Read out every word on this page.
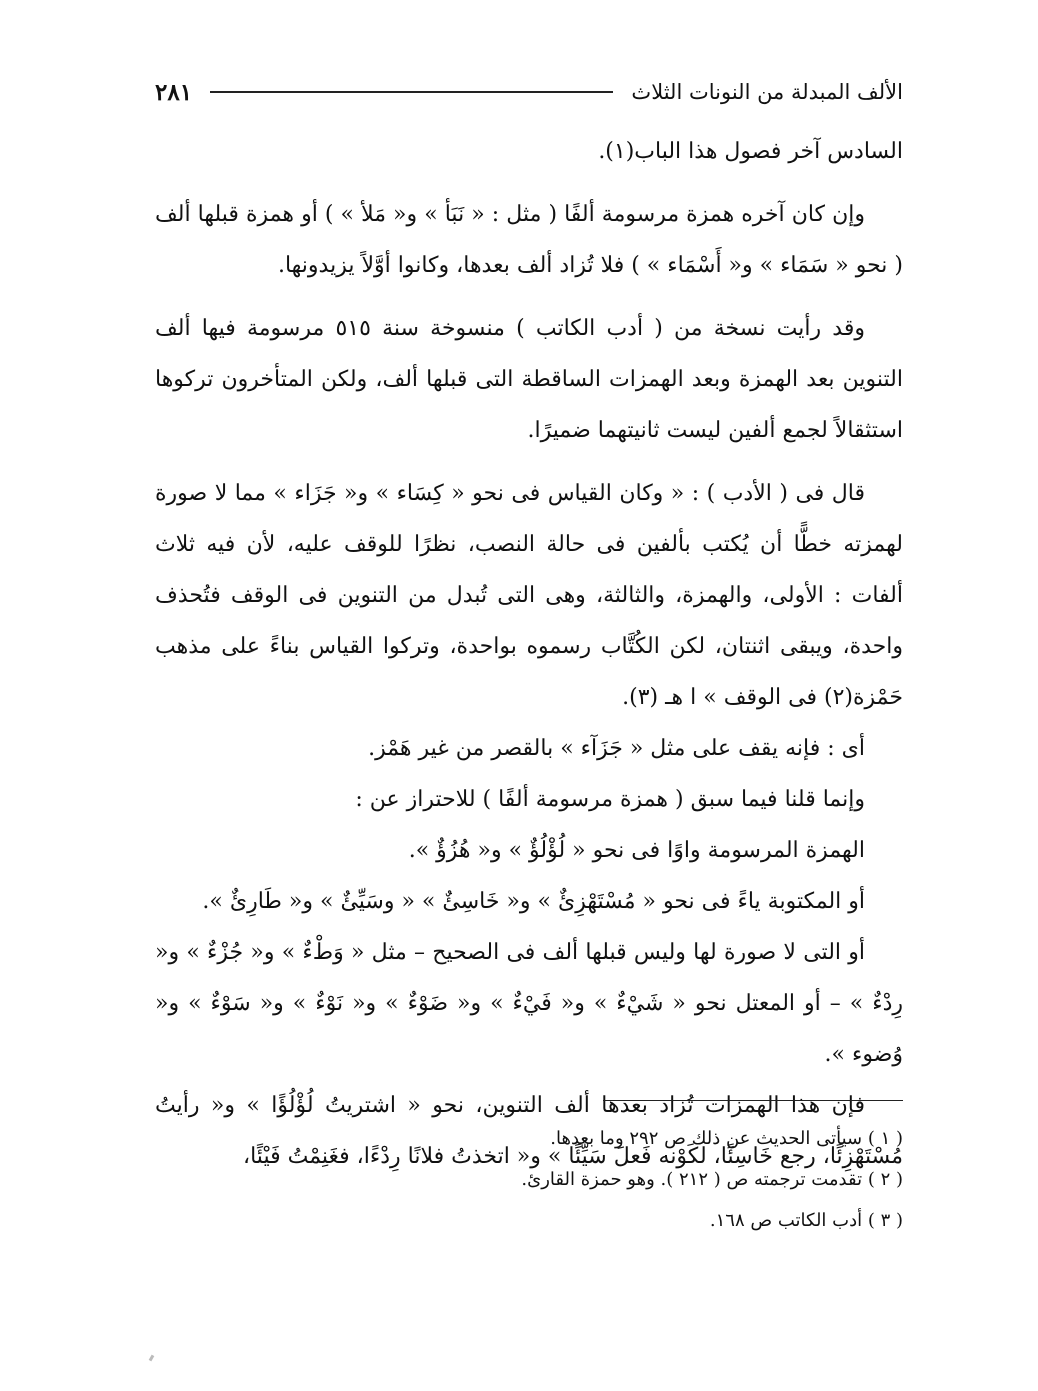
الألف المبدلة من النونات الثلاث
٢٨١

السادس آخر فصول هذا الباب(١).

وإن كان آخره همزة مرسومة ألفًا ( مثل : « نَبَأ » و« مَلأ » ) أو همزة قبلها ألف ( نحو « سَمَاء » و« أَسْمَاء » ) فلا تُزاد ألف بعدها، وكانوا أوَّلاً يزيدونها.

وقد رأيت نسخة من ( أدب الكاتب ) منسوخة سنة ٥١٥ مرسومة فيها ألف التنوين بعد الهمزة وبعد الهمزات الساقطة التى قبلها ألف، ولكن المتأخرون تركوها استثقالاً لجمع ألفين ليست ثانيتهما ضميرًا.

قال فى ( الأدب ) : « وكان القياس فى نحو « كِسَاء » و« جَزَاء » مما لا صورة لهمزته خطًّا أن يُكتب بألفين فى حالة النصب، نظرًا للوقف عليه، لأن فيه ثلاث ألفات : الأولى، والهمزة، والثالثة، وهى التى تُبدل من التنوين فى الوقف فتُحذف واحدة، ويبقى اثنتان، لكن الكُتَّاب رسموه بواحدة، وتركوا القياس بناءً على مذهب حَمْزة(٢) فى الوقف » ا هـ (٣).

أى : فإنه يقف على مثل « جَزَآء » بالقصر من غير هَمْز.

وإنما قلنا فيما سبق ( همزة مرسومة ألفًا ) للاحتراز عن :

الهمزة المرسومة واوًا فى نحو « لُؤْلُؤٌ » و« هُزُؤٌ ».

أو المكتوبة ياءً فى نحو « مُسْتَهْزِئٌ » و« خَاسِئٌ » « وسَيِّئٌ » و« طَارِئٌ ».

أو التى لا صورة لها وليس قبلها ألف فى الصحيح – مثل « وَطْءٌ » و« جُزْءٌ » و« رِدْءٌ » – أو المعتل نحو « شَيْءٌ » و« فَيْءٌ » و« ضَوْءٌ » و« نَوْءٌ » و« سَوْءٌ » و« وُضوء ».

فإن هذا الهمزات تُزاد بعدها ألف التنوين، نحو « اشتريتُ لُؤْلُؤًا » و« رأيتُ مُسْتَهْزِئًا، رجع خَاسِئًا، لكَوْنه فَعلَ سَيِّئًا » و« اتخذتُ فلانًا رِدْءًا، فغَنِمْتُ فَيْئًا،

( ١ ) سيأتى الحديث عن ذلك ص ٢٩٢ وما بعدها.

( ٢ ) تقدمت ترجمته ص ( ٢١٢ ). وهو حمزة القارئ.

( ٣ ) أدب الكاتب ص ١٦٨.
